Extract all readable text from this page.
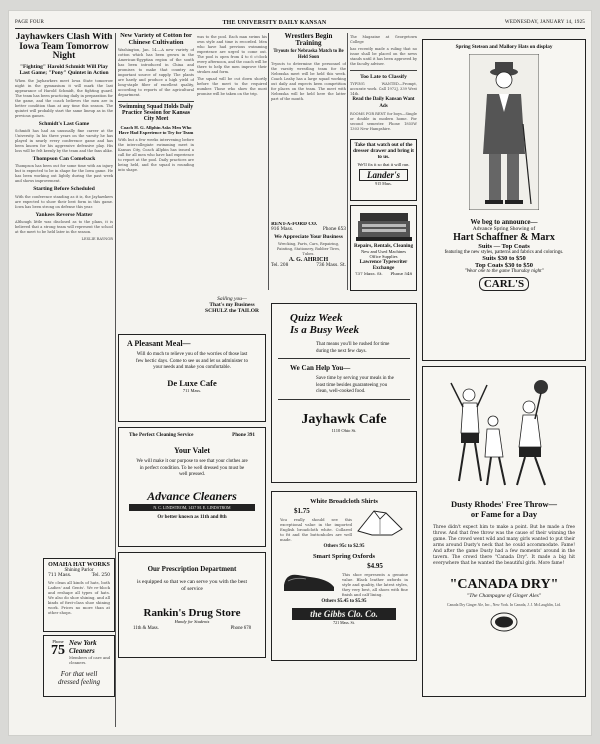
PAGE FOUR	THE UNIVERSITY DAILY KANSAN	WEDNESDAY, JANUARY 14, 1925
Jayhawkers Clash With Iowa Team Tomorrow Night
"Fighting" Harold Schmidt Will Play Last Game; "Pony" Quintet in Action
When the Jayhawkers meet Iowa State tomorrow night in the gymnasium it will mark the last appearance of Harold Schmidt, the fighting guard. The team has been practicing daily in preparation for the game, and the coach believes the men are in better condition than at any time this season. The quintet will probably start the same lineup as in the previous games.
Schmidt's Last Game
Schmidt has had an unusually fine career at the University. In his three years on the varsity he has played in nearly every conference game and has been known for his aggressive defensive play. His loss will be felt keenly by the team and the fans alike.
Thompson Can Comeback
Thompson has been out for some time with an injury but is expected to be in shape for the Iowa game. He has been working out lightly during the past week and shows improvement.
Starting Before Scheduled
With the conference standing as it is, the Jayhawkers are expected to show their best form in this game. Iowa has been strong on defense this year.
Yankees Reverse Matter
Although little was disclosed as to the plans, it is believed that a strong team will represent the school at the meet to be held later in the season.
LESLIE RAYNOR
OMAHA HAT WORKS
Shining Parlor
711 Mass.	Tel. 250
We clean all kinds of hats, both Ladies' and Gents'. We re-block and reshape all types of hats. We also do shoe shining, and all kinds of first-class shoe shining work. Prices no more than at other shops.
Phone
75 New York Cleaners
Members of care and cleaners.
For that well
dressed feeling
New Variety of Cotton for Chinese Cultivation
Washington, Jan. 14.—A new variety of cotton which has been grown in the American-Egyptian region of the south has been introduced in China and promises to make that country an important source of supply. The plants are hardy and produce a high yield of long-staple fiber of excellent quality, according to reports of the agricultural department.
Swimming Squad Holds Daily Practice Session for Kansas City Meet
Coach H. G. Allphin Asks Men Who Have Had Experience to Try for Team
With but a few weeks intervening before the intercollegiate swimming meet in Kansas City, Coach Allphin has issued a call for all men who have had experience to report at the pool. Daily practices are being held, and the squad is rounding into shape.
was to the pool. Each man swims his own style and time is recorded. Men who have had previous swimming experience are urged to come out. The pool is open from 4 to 6 o'clock every afternoon, and the coach will be there to help the men improve their strokes and form.
The squad will be cut down shortly before the meet to the required number. Those who show the most promise will be taken on the trip.
Sailing you—
That's my Business
SCHULZ the TAILOR
Wrestlers Begin Training
Tryouts for Nebraska Match to Be Held Soon
Tryouts to determine the personnel of the varsity wrestling team for the Nebraska meet will be held this week. Coach Leahy has a large squad working out daily and expects keen competition for places on the team. The meet with Nebraska will be held here the latter part of the month.
RENT-A-FORD CO.
916 Mass.	Phone 653
We Appreciate Your Business
Wrecking, Parts, Cars, Repairing, Painting, Stationery, Rubber Tires, Tubes.
A. G. AHRICH
Tel. 208	736 Mass. St.
The Magazine at Georgetown College
has recently made a ruling that no issue shall be placed on the news stands until it has been approved by the faculty adviser.
Too Late to Classify
TYPING WANTED—Prompt, accurate work. Call 1972J, 339 West 14th.
Read the Daily Kansan Want Ads
ROOMS FOR RENT for boys—Single or double in modern home. For second semester. Phone 1855W 1303 New Hampshire.
Take that watch out of the dresser drawer and bring it to us.
We'll fix it so that it will run.
Lander's
915 Mass.
Repairs, Rentals, Cleaning
New and Used Machines
Office Supplies
Lawrence Typewriter Exchange
737 Mass. St. Phone 548
A Pleasant Meal—
Will do much to relieve you of the worries of those last few hectic days. Come to see us and let us administer to your needs and make you comfortable.
De Luxe Cafe
711 Mass.
The Perfect Cleaning Service	Phone 391
Your Valet
We will make it our purpose to see that your clothes are in perfect condition. To be well dressed you must be well pressed.
Advance Cleaners
N. C. LINDSTROM, 1437 M. E. LINDSTROM
Or better known as 11th and 8th
Our Prescription Department
is equipped so that we can serve you with the best of service
Rankin's Drug Store
Handy for Students
11th & Mass.	Phone 678
Quizz Week
Is a Busy Week
That means you'll be rushed for time during the next few days.
We Can Help You—
Save time by serving your meals in the least time besides guaranteeing you clean, well-cooked food.
Jayhawk Cafe
1110 Ohio St.
White Broadcloth Shirts
$1.75
You really should see this exceptional value in the imported English broadcloth white. Collared to fit and the buttonholes are well made.
Others 95c to $2.95
Smart Spring Oxfords
$4.95
This shoe represents a genuine value. Black leather oxfords in style and quality, the latest styles, they very best, all shoes with fine finish and calf lining.
Others $5.45 to $5.95
the Gibbs Clo. Co.
721 Mass. St.
Spring Stetson and Mallory Hats on display
We beg to announce—
Advance Spring Showing of
Hart Schaffner & Marx
Suits — Top Coats
featuring the new styles, patterns and fabrics and colorings.
Suits $30 to $50
Top Coats $30 to $50
"Wear one to the game Thursday night"
CARL'S
Dusty Rhodes' Free Throw—
or Fame for a Day
Three didn't expect him to make a point. But he made a free throw. And that free throw was the cause of their winning the game. The crowd went wild and many girls wanted to put their arms around Dusty's neck that he could accommodate. Fame! And after the game Dusty had a few moments' around in the tavern. The crowd there "Canada Dry". It made a big hit everywhere that he wanted the beautiful girls. More fame!
"CANADA DRY"
"The Champagne of Ginger Ales"
Canada Dry Ginger Ale, Inc., New York. In Canada, J. J. McLaughlin, Ltd.
